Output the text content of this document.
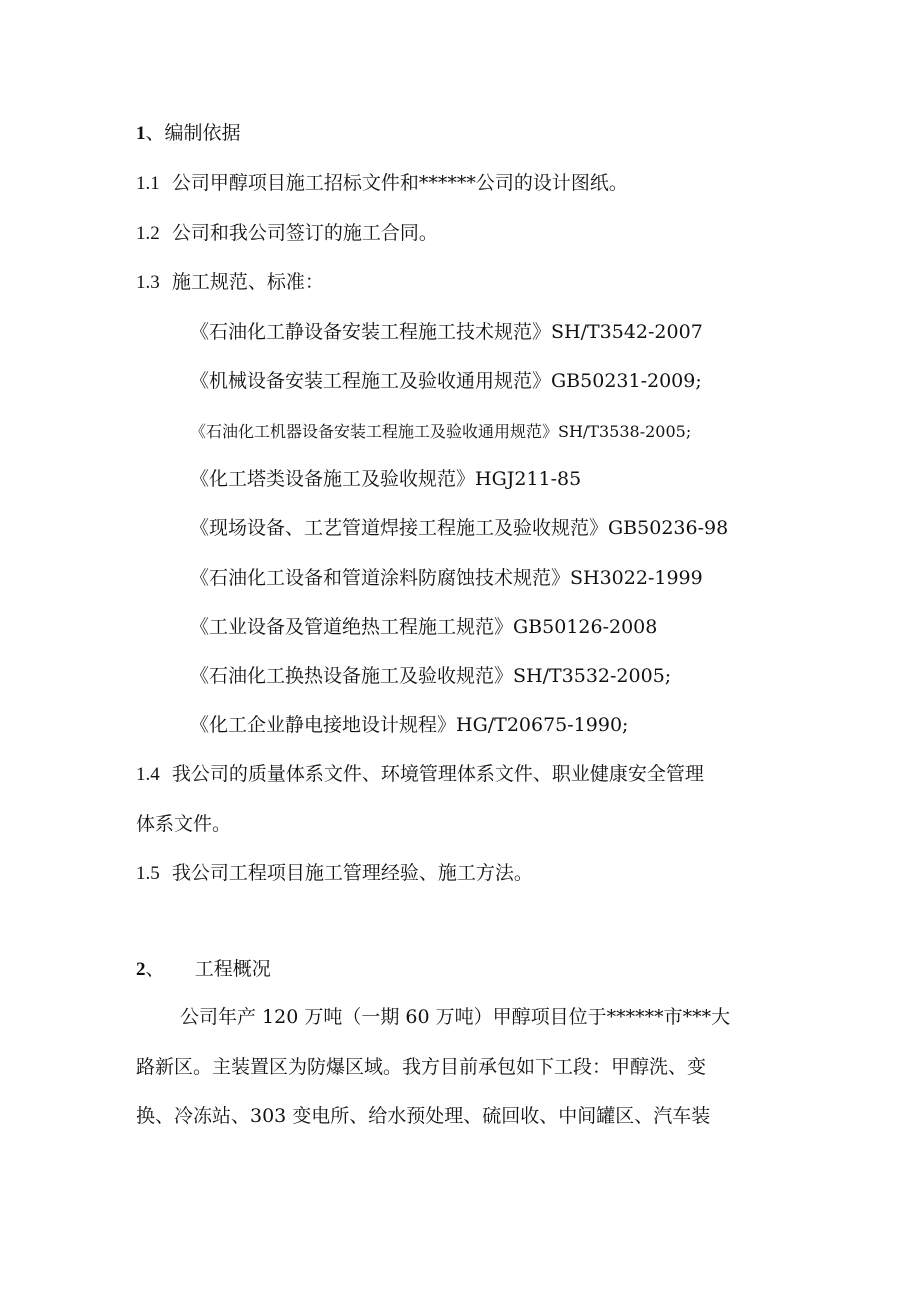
1、编制依据
1.1 公司甲醇项目施工招标文件和******公司的设计图纸。
1.2 公司和我公司签订的施工合同。
1.3 施工规范、标准：
《石油化工静设备安装工程施工技术规范》SH/T3542-2007
《机械设备安装工程施工及验收通用规范》GB50231-2009;
《石油化工机器设备安装工程施工及验收通用规范》SH/T3538-2005;
《化工塔类设备施工及验收规范》HGJ211-85
《现场设备、工艺管道焊接工程施工及验收规范》GB50236-98
《石油化工设备和管道涂料防腐蚀技术规范》SH3022-1999
《工业设备及管道绝热工程施工规范》GB50126-2008
《石油化工换热设备施工及验收规范》SH/T3532-2005;
《化工企业静电接地设计规程》HG/T20675-1990;
1.4 我公司的质量体系文件、环境管理体系文件、职业健康安全管理
体系文件。
1.5 我公司工程项目施工管理经验、施工方法。
2、 工程概况
公司年产 120 万吨（一期 60 万吨）甲醇项目位于******市***大
路新区。主装置区为防爆区域。我方目前承包如下工段：甲醇洗、变
换、冷冻站、303 变电所、给水预处理、硫回收、中间罐区、汽车装
